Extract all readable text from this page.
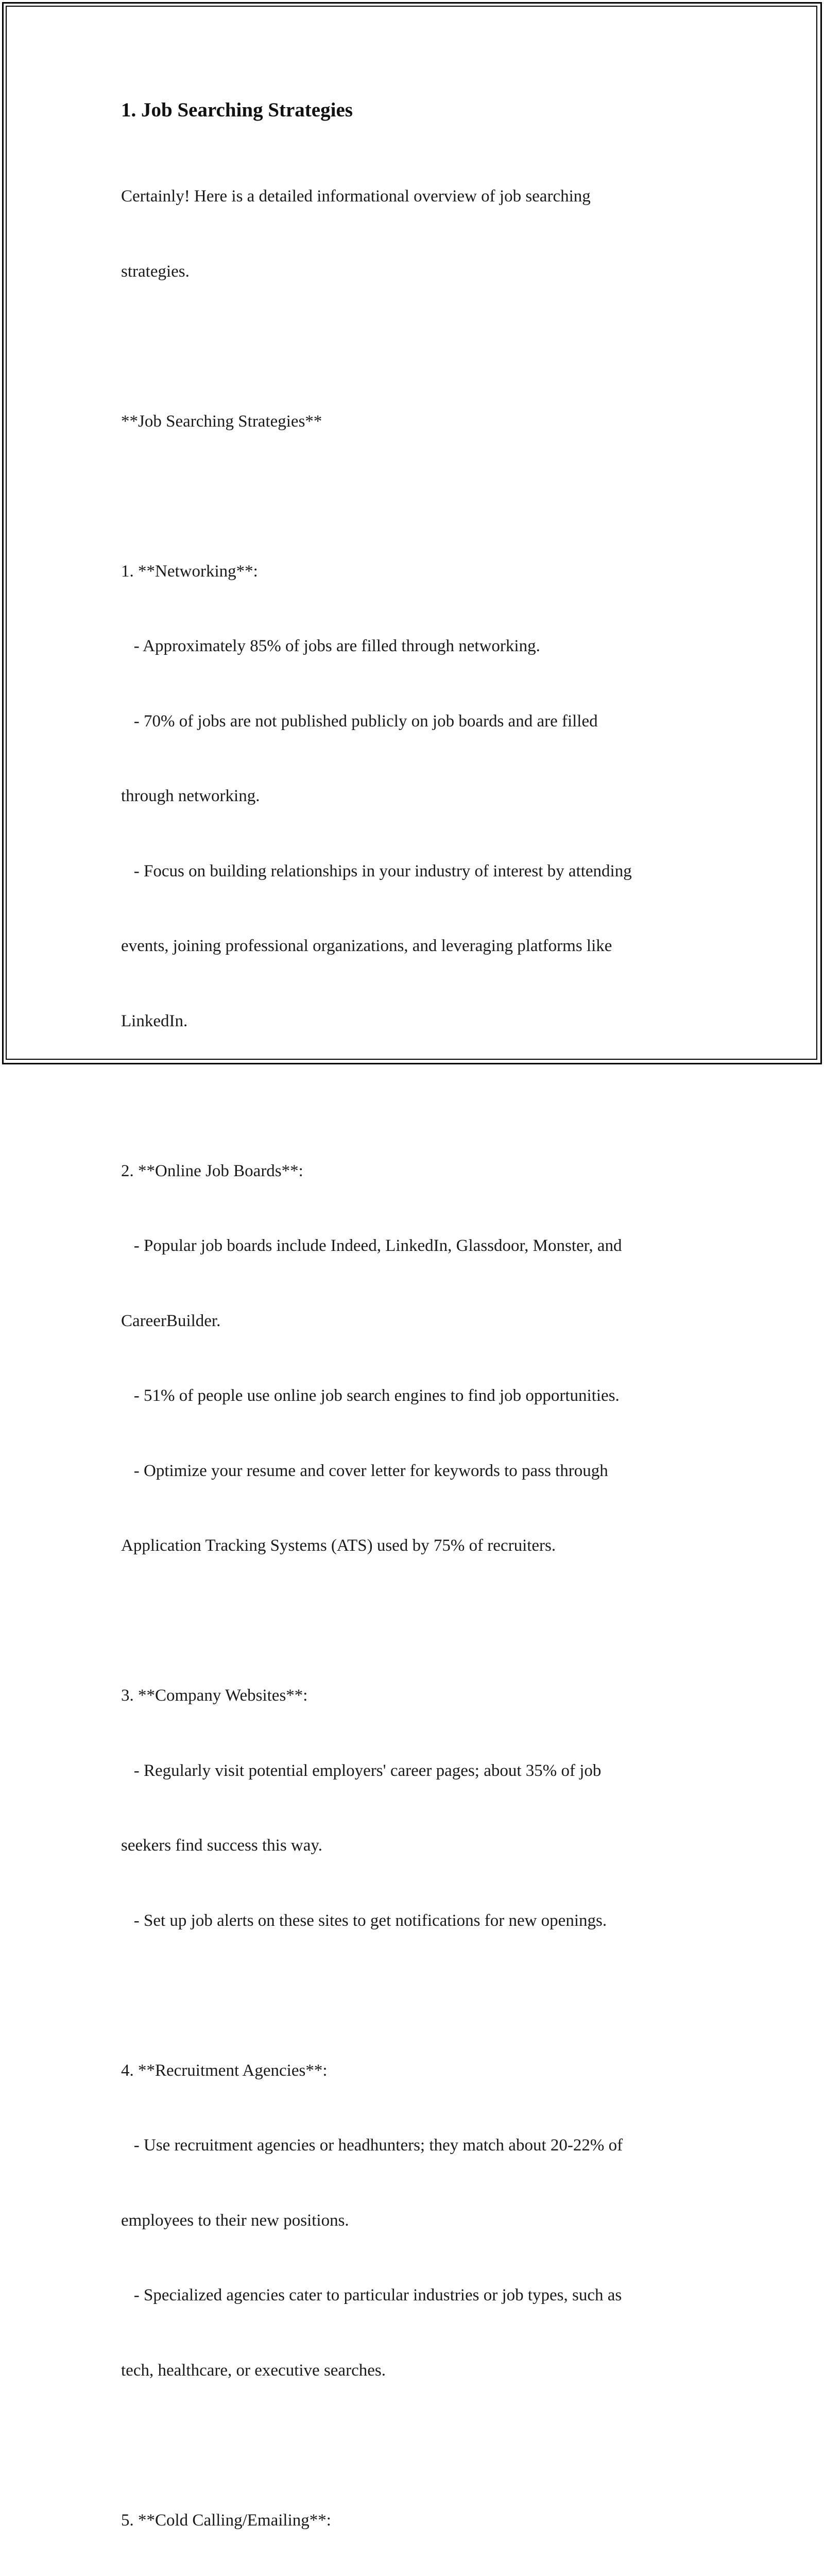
1. Job Searching Strategies

Certainly! Here is a detailed informational overview of job searching

strategies.

**Job Searching Strategies**

1. **Networking**:

- Approximately 85% of jobs are filled through networking.

- 70% of jobs are not published publicly on job boards and are filled

through networking.

- Focus on building relationships in your industry of interest by attending

events, joining professional organizations, and leveraging platforms like

LinkedIn.

2. **Online Job Boards**:

- Popular job boards include Indeed, LinkedIn, Glassdoor, Monster, and

CareerBuilder.

- 51% of people use online job search engines to find job opportunities.

- Optimize your resume and cover letter for keywords to pass through

Application Tracking Systems (ATS) used by 75% of recruiters.

3. **Company Websites**:

- Regularly visit potential employers' career pages; about 35% of job

seekers find success this way.

- Set up job alerts on these sites to get notifications for new openings.

4. **Recruitment Agencies**:

- Use recruitment agencies or headhunters; they match about 20-22% of

employees to their new positions.

- Specialized agencies cater to particular industries or job types, such as

tech, healthcare, or executive searches.

5. **Cold Calling/Emailing**:
